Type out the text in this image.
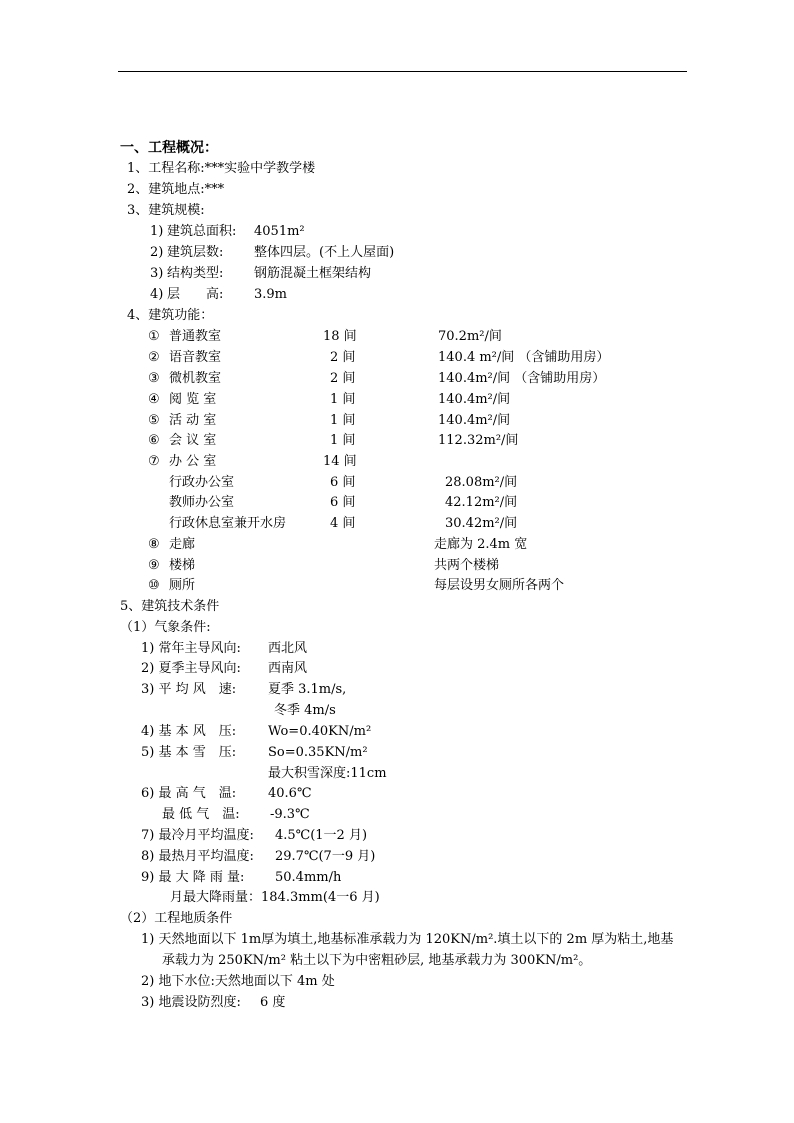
一、工程概况：
1、工程名称:***实验中学教学楼
2、建筑地点:***
3、建筑规模:
1) 建筑总面积: 4051m²
2) 建筑层数: 整体四层。(不上人屋面)
3) 结构类型: 钢筋混凝土框架结构
4) 层　　高: 3.9m
4、建筑功能：
① 普通教室	18 间	70.2m²/间
② 语音教室	2 间	140.4 m²/间 （含铺助用房）
③ 微机教室	2 间	140.4m²/间 （含铺助用房）
④ 阅 览 室	1 间	140.4m²/间
⑤ 活 动 室	1 间	140.4m²/间
⑥ 会 议 室	1 间	112.32m²/间
⑦ 办 公 室	14 间
行政办公室	6 间	28.08m²/间
教师办公室	6 间	42.12m²/间
行政休息室兼开水房	4 间	30.42m²/间
⑧ 走廊	走廊为 2.4m 宽
⑨ 楼梯	共两个楼梯
⑩ 厕所	每层设男女厕所各两个
5、建筑技术条件
（1）气象条件:
1) 常年主导风向: 西北风
2) 夏季主导风向: 西南风
3) 平 均 风　速: 夏季 3.1m/s,
冬季 4m/s
4) 基 本 风　压: Wo=0.40KN/m²
5) 基 本 雪　压: So=0.35KN/m²
最大积雪深度:11cm
6) 最 高 气　温: 40.6℃
最 低 气　温: -9.3℃
7) 最冷月平均温度: 4.5℃(1一2 月)
8) 最热月平均温度: 29.7℃(7一9 月)
9) 最 大 降 雨 量: 50.4mm/h
月最大降雨量：184.3mm(4一6 月)
（2）工程地质条件
1) 天然地面以下 1m厚为填土,地基标准承载力为 120KN/m².填土以下的 2m 厚为粘土,地基
承载力为 250KN/m² 粘土以下为中密粗砂层, 地基承载力为 300KN/m²。
2) 地下水位:天然地面以下 4m 处
3) 地震设防烈度: 6 度
